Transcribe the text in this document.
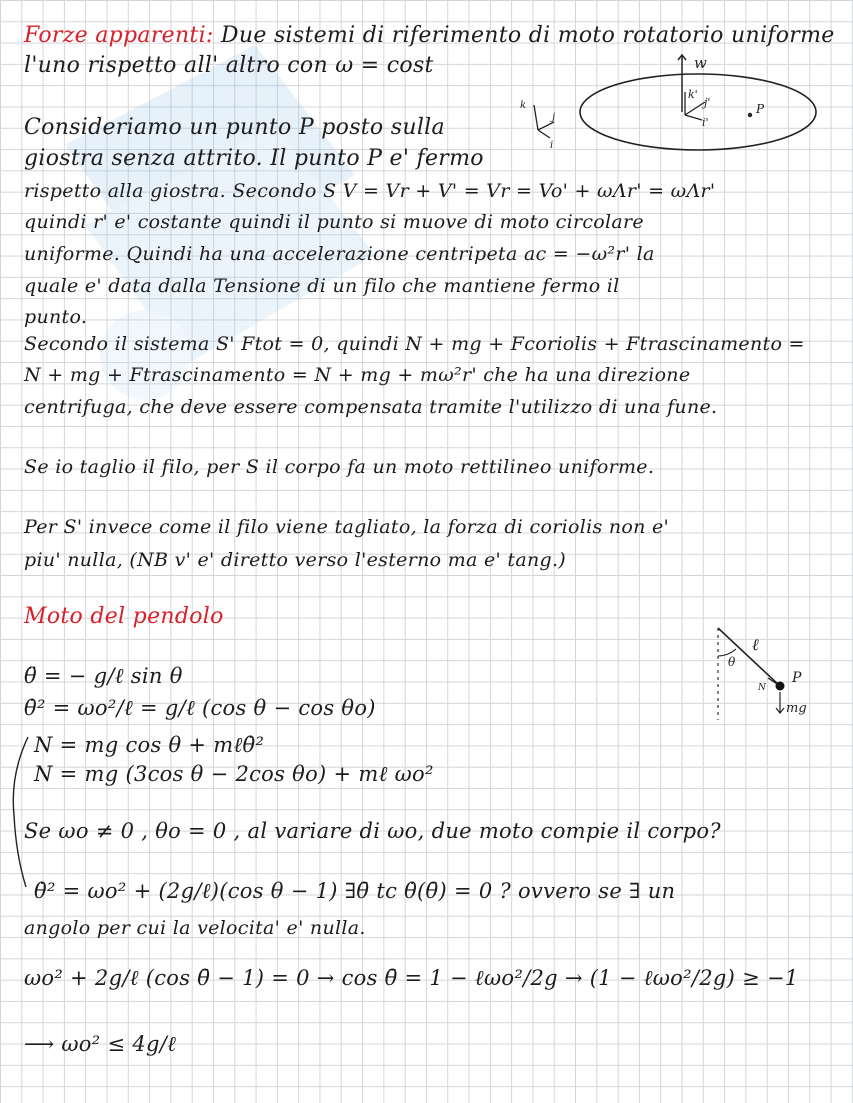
Forze apparenti: Due sistemi di riferimento di moto rotatorio uniforme
l'uno rispetto all' altro con ω = cost	w
k'
j'
i'
P
k
j
i
Consideriamo un punto P posto sulla
giostra senza attrito. Il punto P e' fermo
rispetto alla giostra. Secondo S V = Vr + V' = Vr = Vo' + ωΛr' = ωΛr'
quindi r' e' costante quindi il punto si muove di moto circolare
uniforme. Quindi ha una accelerazione centripeta ac = −ω²r' la
quale e' data dalla Tensione di un filo che mantiene fermo il
punto.
Secondo il sistema S' Ftot = 0, quindi N + mg + Fcoriolis + Ftrascinamento =
N + mg + Ftrascinamento = N + mg + mω²r' che ha una direzione
centrifuga, che deve essere compensata tramite l'utilizzo di una fune.
Se io taglio il filo, per S il corpo fa un moto rettilineo uniforme.
Per S' invece come il filo viene tagliato, la forza di coriolis non e'
piu' nulla, (NB v' e' diretto verso l'esterno ma e' tang.)
Moto del pendolo
θ
ℓ
N
P
mg
θ̈ = − g/ℓ sin θ
θ̇² = ωo²/ℓ = g/ℓ (cos θ − cos θo)
N = mg cos θ + mℓθ̇²
N = mg (3cos θ − 2cos θo) + mℓ ωo²
Se ωo ≠ 0 , θo = 0 , al variare di ωo, due moto compie il corpo?
θ̇² = ωo² + (2g/ℓ)(cos θ − 1) ∃θ̄ tc θ̇(θ̄) = 0 ? ovvero se ∃ un
angolo per cui la velocita' e' nulla.
ωo² + 2g/ℓ (cos θ̄ − 1) = 0 → cos θ̄ = 1 − ℓωo²/2g → (1 − ℓωo²/2g) ≥ −1
⟶ ωo² ≤ 4g/ℓ
